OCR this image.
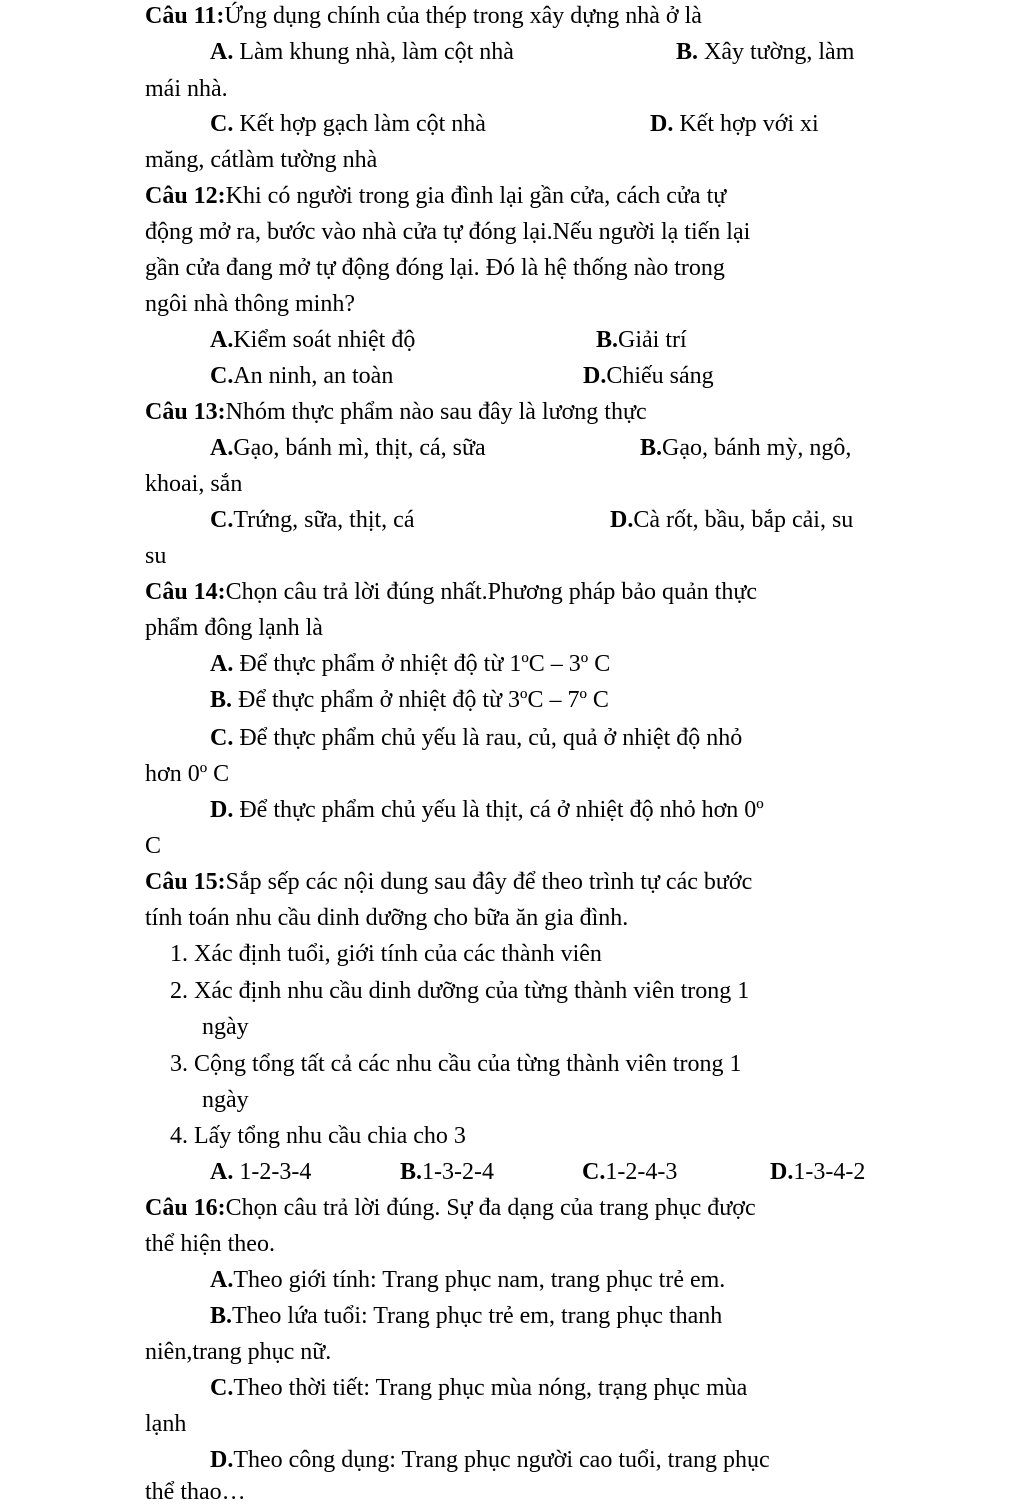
Câu 11:Ứng dụng chính của thép trong xây dựng nhà ở là
A. Làm khung nhà, làm cột nhà	B. Xây tường, làm
mái nhà.
C. Kết hợp gạch làm cột nhà	D. Kết hợp với xi
măng, cátlàm tường nhà
Câu 12:Khi có người trong gia đình lại gần cửa, cách cửa tự
động mở ra, bước vào nhà cửa tự đóng lại.Nếu người lạ tiến lại
gần cửa đang mở tự động đóng lại. Đó là hệ thống nào trong
ngôi nhà thông minh?
A.Kiểm soát nhiệt độ	B.Giải trí
C.An ninh, an toàn	D.Chiếu sáng
Câu 13:Nhóm thực phẩm nào sau đây là lương thực
A.Gạo, bánh mì, thịt, cá, sữa	B.Gạo, bánh mỳ, ngô,
khoai, sắn
C.Trứng, sữa, thịt, cá	D.Cà rốt, bầu, bắp cải, su
su
Câu 14:Chọn câu trả lời đúng nhất.Phương pháp bảo quản thực
phẩm đông lạnh là
A. Để thực phẩm ở nhiệt độ từ 1ºC – 3º C
B. Để thực phẩm ở nhiệt độ từ 3ºC – 7º C
C. Để thực phẩm chủ yếu là rau, củ, quả ở nhiệt độ nhỏ
hơn 0º C
D. Để thực phẩm chủ yếu là thịt, cá ở nhiệt độ nhỏ hơn 0º
C
Câu 15:Sắp sếp các nội dung sau đây để theo trình tự các bước
tính toán nhu cầu dinh dưỡng cho bữa ăn gia đình.
1. Xác định tuổi, giới tính của các thành viên
2. Xác định nhu cầu dinh dưỡng của từng thành viên trong 1
ngày
3. Cộng tổng tất cả các nhu cầu của từng thành viên trong 1
ngày
4. Lấy tổng nhu cầu chia cho 3
A. 1-2-3-4	B.1-3-2-4	C.1-2-4-3	D.1-3-4-2
Câu 16:Chọn câu trả lời đúng. Sự đa dạng của trang phục được
thể hiện theo.
A.Theo giới tính: Trang phục nam, trang phục trẻ em.
B.Theo lứa tuổi: Trang phục trẻ em, trang phục thanh
niên,trang phục nữ.
C.Theo thời tiết: Trang phục mùa nóng, trạng phục mùa
lạnh
D.Theo công dụng: Trang phục người cao tuổi, trang phục
thể thao…
